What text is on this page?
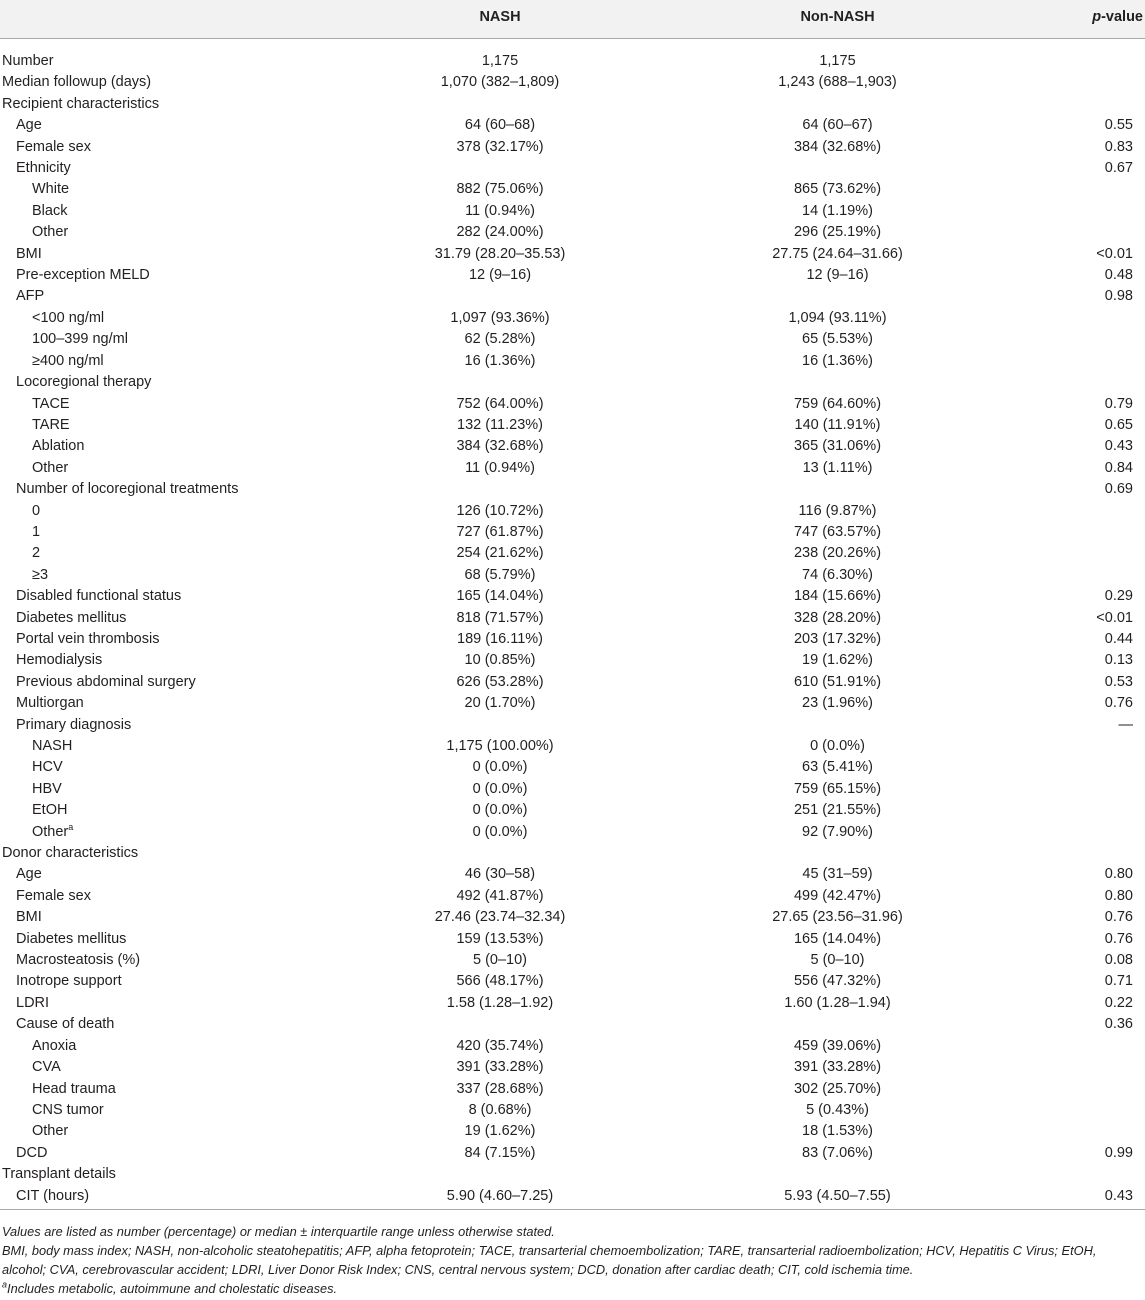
	NASH	Non-NASH	p-value
Number	1,175	1,175	
Median followup (days)	1,070 (382–1,809)	1,243 (688–1,903)	
Recipient characteristics			
Age	64 (60–68)	64 (60–67)	0.55
Female sex	378 (32.17%)	384 (32.68%)	0.83
Ethnicity			0.67
White	882 (75.06%)	865 (73.62%)	
Black	11 (0.94%)	14 (1.19%)	
Other	282 (24.00%)	296 (25.19%)	
BMI	31.79 (28.20–35.53)	27.75 (24.64–31.66)	<0.01
Pre-exception MELD	12 (9–16)	12 (9–16)	0.48
AFP			0.98
<100 ng/ml	1,097 (93.36%)	1,094 (93.11%)	
100–399 ng/ml	62 (5.28%)	65 (5.53%)	
≥400 ng/ml	16 (1.36%)	16 (1.36%)	
Locoregional therapy			
TACE	752 (64.00%)	759 (64.60%)	0.79
TARE	132 (11.23%)	140 (11.91%)	0.65
Ablation	384 (32.68%)	365 (31.06%)	0.43
Other	11 (0.94%)	13 (1.11%)	0.84
Number of locoregional treatments			0.69
0	126 (10.72%)	116 (9.87%)	
1	727 (61.87%)	747 (63.57%)	
2	254 (21.62%)	238 (20.26%)	
≥3	68 (5.79%)	74 (6.30%)	
Disabled functional status	165 (14.04%)	184 (15.66%)	0.29
Diabetes mellitus	818 (71.57%)	328 (28.20%)	<0.01
Portal vein thrombosis	189 (16.11%)	203 (17.32%)	0.44
Hemodialysis	10 (0.85%)	19 (1.62%)	0.13
Previous abdominal surgery	626 (53.28%)	610 (51.91%)	0.53
Multiorgan	20 (1.70%)	23 (1.96%)	0.76
Primary diagnosis			—
NASH	1,175 (100.00%)	0 (0.0%)	
HCV	0 (0.0%)	63 (5.41%)	
HBV	0 (0.0%)	759 (65.15%)	
EtOH	0 (0.0%)	251 (21.55%)	
Other$^a$	0 (0.0%)	92 (7.90%)	
Donor characteristics			
Age	46 (30–58)	45 (31–59)	0.80
Female sex	492 (41.87%)	499 (42.47%)	0.80
BMI	27.46 (23.74–32.34)	27.65 (23.56–31.96)	0.76
Diabetes mellitus	159 (13.53%)	165 (14.04%)	0.76
Macrosteatosis (%)	5 (0–10)	5 (0–10)	0.08
Inotrope support	566 (48.17%)	556 (47.32%)	0.71
LDRI	1.58 (1.28–1.92)	1.60 (1.28–1.94)	0.22
Cause of death			0.36
Anoxia	420 (35.74%)	459 (39.06%)	
CVA	391 (33.28%)	391 (33.28%)	
Head trauma	337 (28.68%)	302 (25.70%)	
CNS tumor	8 (0.68%)	5 (0.43%)	
Other	19 (1.62%)	18 (1.53%)	
DCD	84 (7.15%)	83 (7.06%)	0.99
Transplant details			
CIT (hours)	5.90 (4.60–7.25)	5.93 (4.50–7.55)	0.43

Values are listed as number (percentage) or median ± interquartile range unless otherwise stated.

BMI, body mass index; NASH, non-alcoholic steatohepatitis; AFP, alpha fetoprotein; TACE, transarterial chemoembolization; TARE, transarterial radioembolization; HCV, Hepatitis C Virus; EtOH, alcohol; CVA, cerebrovascular accident; LDRI, Liver Donor Risk Index; CNS, central nervous system; DCD, donation after cardiac death; CIT, cold ischemia time.

$^a$Includes metabolic, autoimmune and cholestatic diseases.
